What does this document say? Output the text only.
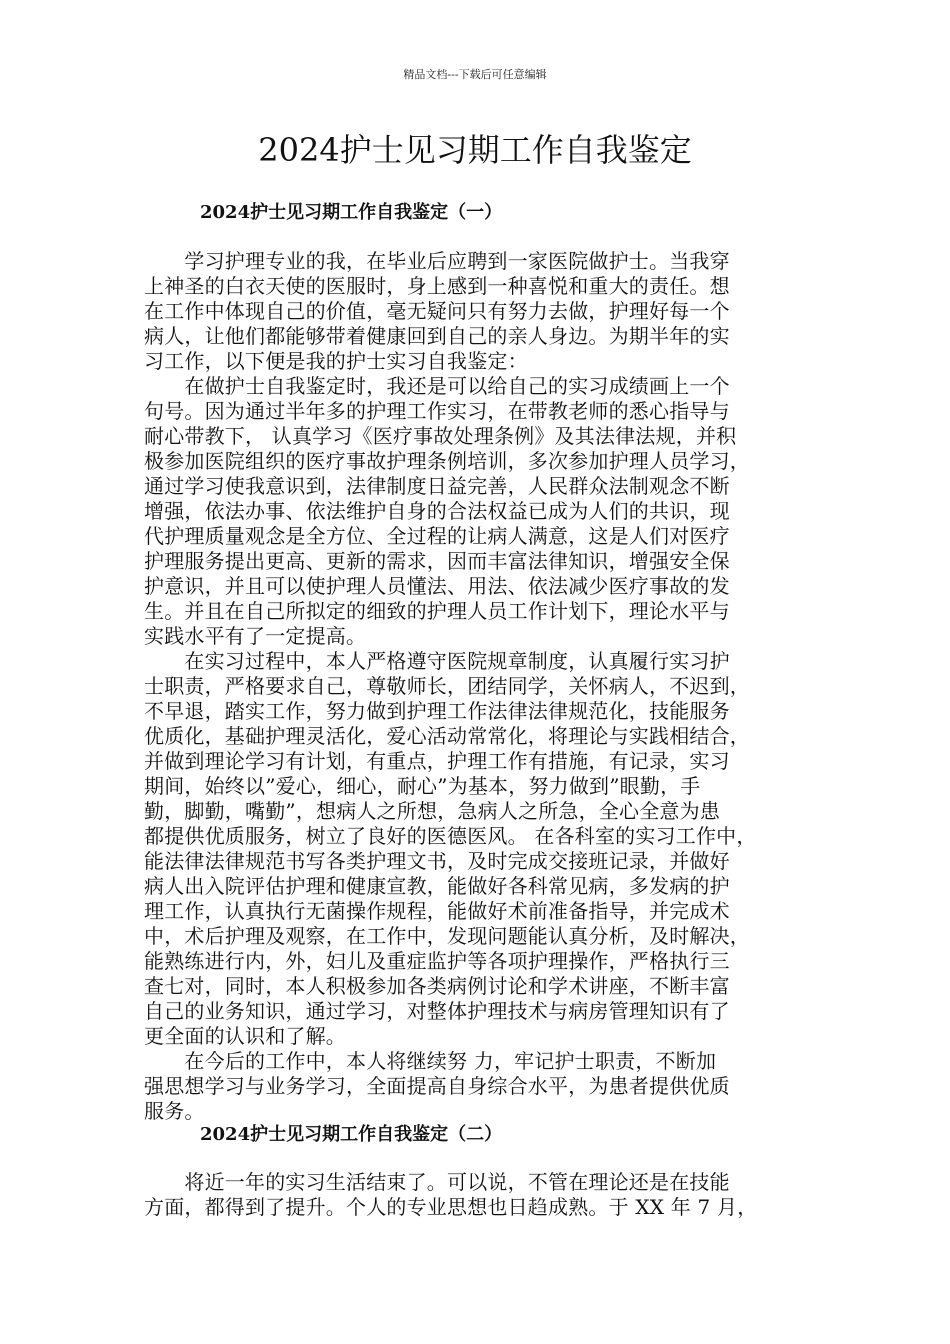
精品文档---下载后可任意编辑
2024护士见习期工作自我鉴定
2024护士见习期工作自我鉴定（一）

　　学习护理专业的我，在毕业后应聘到一家医院做护士。当我穿
上神圣的白衣天使的医服时，身上感到一种喜悦和重大的责任。想
在工作中体现自己的价值，毫无疑问只有努力去做，护理好每一个
病人，让他们都能够带着健康回到自己的亲人身边。为期半年的实
习工作，以下便是我的护士实习自我鉴定：

　　在做护士自我鉴定时，我还是可以给自己的实习成绩画上一个
句号。因为通过半年多的护理工作实习，在带教老师的悉心指导与
耐心带教下， 认真学习《医疗事故处理条例》及其法律法规，并积
极参加医院组织的医疗事故护理条例培训，多次参加护理人员学习，
通过学习使我意识到，法律制度日益完善，人民群众法制观念不断
增强，依法办事、依法维护自身的合法权益已成为人们的共识，现
代护理质量观念是全方位、全过程的让病人满意，这是人们对医疗
护理服务提出更高、更新的需求，因而丰富法律知识，增强安全保
护意识，并且可以使护理人员懂法、用法、依法减少医疗事故的发
生。并且在自己所拟定的细致的护理人员工作计划下，理论水平与
实践水平有了一定提高。

　　在实习过程中，本人严格遵守医院规章制度，认真履行实习护
士职责，严格要求自己，尊敬师长，团结同学，关怀病人，不迟到，
不早退，踏实工作，努力做到护理工作法律法律规范化，技能服务
优质化，基础护理灵活化，爱心活动常常化，将理论与实践相结合，
并做到理论学习有计划，有重点，护理工作有措施，有记录，实习
期间，始终以”爱心，细心，耐心”为基本，努力做到”眼勤，手
勤，脚勤，嘴勤”，想病人之所想，急病人之所急，全心全意为患
都提供优质服务，树立了良好的医德医风。 在各科室的实习工作中，
能法律法律规范书写各类护理文书，及时完成交接班记录，并做好
病人出入院评估护理和健康宣教，能做好各科常见病，多发病的护
理工作，认真执行无菌操作规程，能做好术前准备指导，并完成术
中，术后护理及观察，在工作中，发现问题能认真分析，及时解决，
能熟练进行内，外，妇儿及重症监护等各项护理操作，严格执行三
查七对，同时，本人积极参加各类病例讨论和学术讲座，不断丰富
自己的业务知识，通过学习，对整体护理技术与病房管理知识有了
更全面的认识和了解。

　　在今后的工作中，本人将继续努 力，牢记护士职责，不断加
强思想学习与业务学习，全面提高自身综合水平，为患者提供优质
服务。

2024护士见习期工作自我鉴定（二）

　　将近一年的实习生活结束了。可以说，不管在理论还是在技能
方面，都得到了提升。个人的专业思想也日趋成熟。于 XX 年 7 月，
